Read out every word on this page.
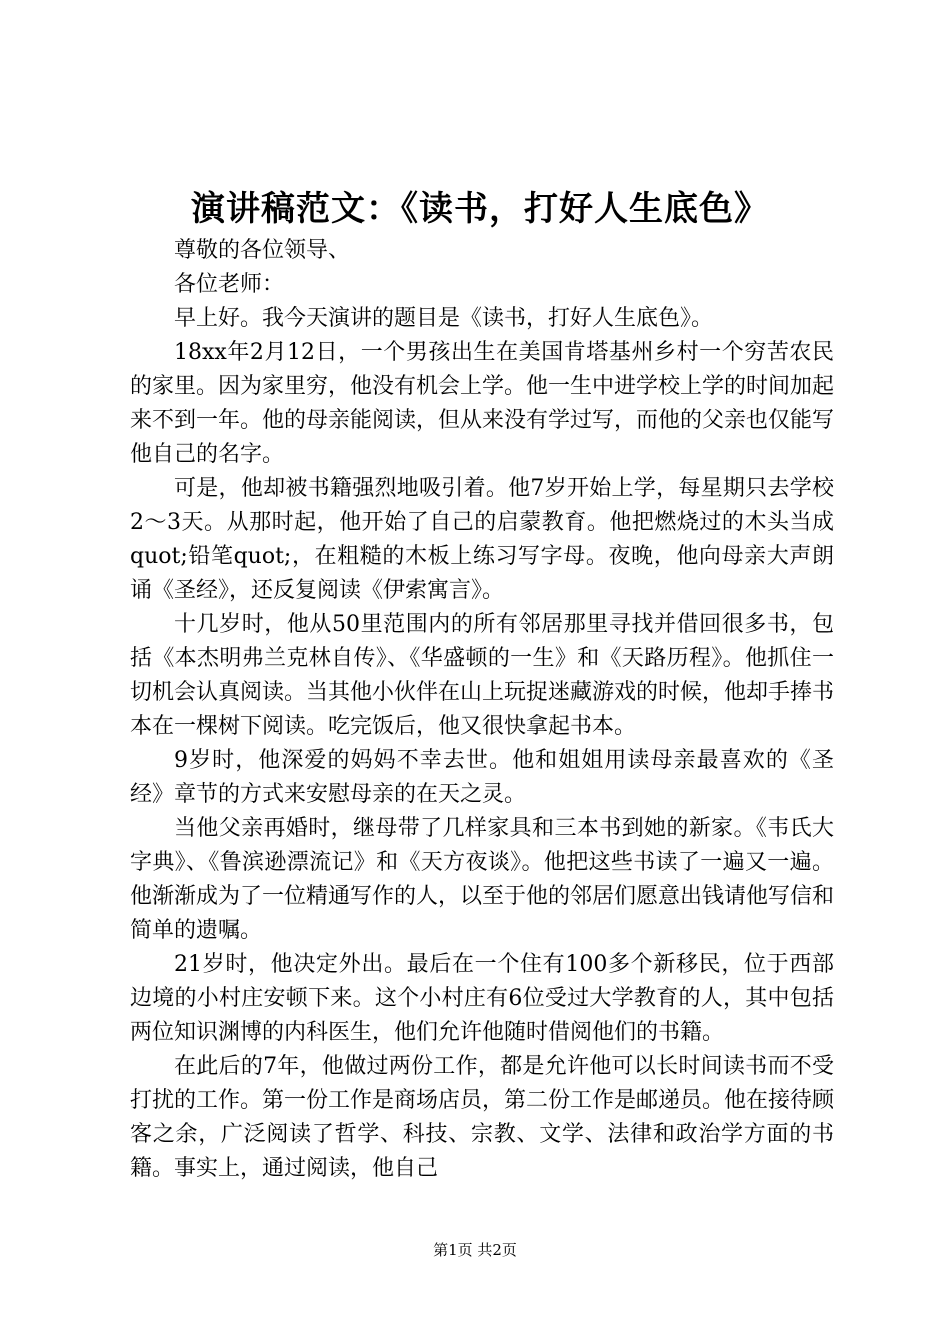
演讲稿范文：《读书，打好人生底色》

尊敬的各位领导、

各位老师：

早上好。我今天演讲的题目是《读书，打好人生底色》。

18xx年2月12日，一个男孩出生在美国肯塔基州乡村一个穷苦农民的家里。因为家里穷，他没有机会上学。他一生中进学校上学的时间加起来不到一年。他的母亲能阅读，但从来没有学过写，而他的父亲也仅能写他自己的名字。

可是，他却被书籍强烈地吸引着。他7岁开始上学，每星期只去学校2～3天。从那时起，他开始了自己的启蒙教育。他把燃烧过的木头当成quot;铅笔quot;，在粗糙的木板上练习写字母。夜晚，他向母亲大声朗诵《圣经》，还反复阅读《伊索寓言》。

十几岁时，他从50里范围内的所有邻居那里寻找并借回很多书，包括《本杰明弗兰克林自传》、《华盛顿的一生》和《天路历程》。他抓住一切机会认真阅读。当其他小伙伴在山上玩捉迷藏游戏的时候，他却手捧书本在一棵树下阅读。吃完饭后，他又很快拿起书本。

9岁时，他深爱的妈妈不幸去世。他和姐姐用读母亲最喜欢的《圣经》章节的方式来安慰母亲的在天之灵。

当他父亲再婚时，继母带了几样家具和三本书到她的新家。《韦氏大字典》、《鲁滨逊漂流记》和《天方夜谈》。他把这些书读了一遍又一遍。他渐渐成为了一位精通写作的人，以至于他的邻居们愿意出钱请他写信和简单的遗嘱。

21岁时，他决定外出。最后在一个住有100多个新移民，位于西部边境的小村庄安顿下来。这个小村庄有6位受过大学教育的人，其中包括两位知识渊博的内科医生，他们允许他随时借阅他们的书籍。

在此后的7年，他做过两份工作，都是允许他可以长时间读书而不受打扰的工作。第一份工作是商场店员，第二份工作是邮递员。他在接待顾客之余，广泛阅读了哲学、科技、宗教、文学、法律和政治学方面的书籍。事实上，通过阅读，他自己

第1页 共2页
